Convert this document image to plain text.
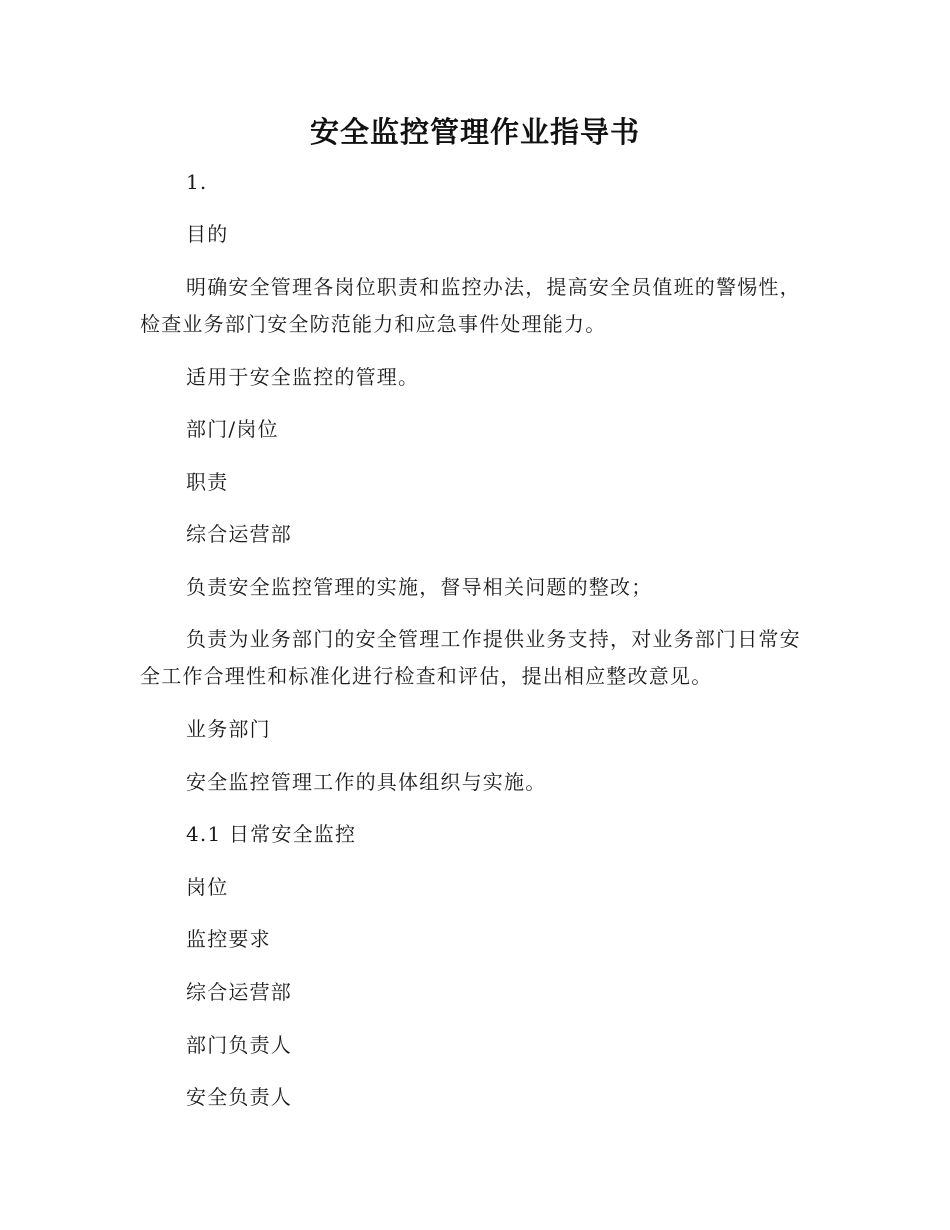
安全监控管理作业指导书

1.

目的

明确安全管理各岗位职责和监控办法，提高安全员值班的警惕性，检查业务部门安全防范能力和应急事件处理能力。

适用于安全监控的管理。

部门/岗位

职责

综合运营部

负责安全监控管理的实施，督导相关问题的整改；

负责为业务部门的安全管理工作提供业务支持，对业务部门日常安全工作合理性和标准化进行检查和评估，提出相应整改意见。

业务部门

安全监控管理工作的具体组织与实施。

4.1 日常安全监控

岗位

监控要求

综合运营部

部门负责人

安全负责人
